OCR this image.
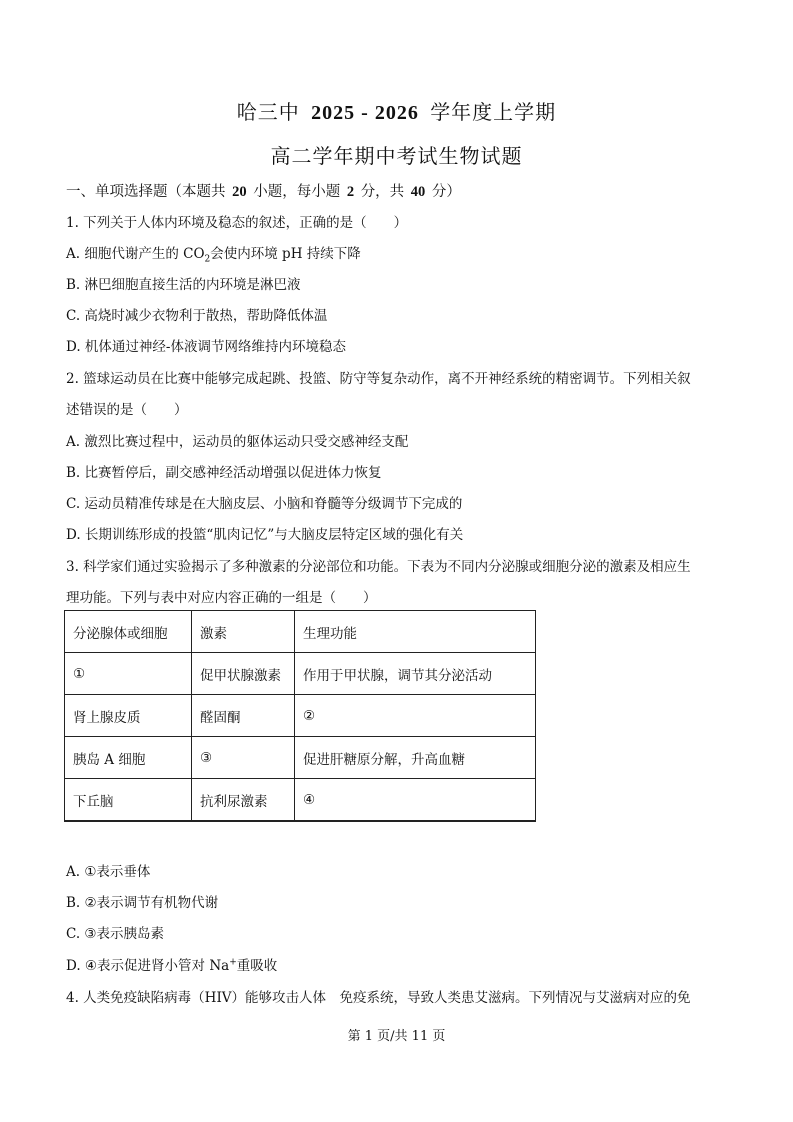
哈三中 2025 - 2026 学年度上学期
高二学年期中考试生物试题
一、单项选择题（本题共 20 小题，每小题 2 分，共 40 分）
1. 下列关于人体内环境及稳态的叙述，正确的是（　　）
A. 细胞代谢产生的 $CO_2$会使内环境 pH 持续下降
B. 淋巴细胞直接生活的内环境是淋巴液
C. 高烧时减少衣物利于散热，帮助降低体温
D. 机体通过神经-体液调节网络维持内环境稳态
2. 篮球运动员在比赛中能够完成起跳、投篮、防守等复杂动作，离不开神经系统的精密调节。下列相关叙
述错误的是（　　）
A. 激烈比赛过程中，运动员的躯体运动只受交感神经支配
B. 比赛暂停后，副交感神经活动增强以促进体力恢复
C. 运动员精准传球是在大脑皮层、小脑和脊髓等分级调节下完成的
D. 长期训练形成的投篮“肌肉记忆”与大脑皮层特定区域的强化有关
3. 科学家们通过实验揭示了多种激素的分泌部位和功能。下表为不同内分泌腺或细胞分泌的激素及相应生
理功能。下列与表中对应内容正确的一组是（　　）
分泌腺体或细胞	激素	生理功能
①	促甲状腺激素	作用于甲状腺，调节其分泌活动
肾上腺皮质	醛固酮	②
胰岛 A 细胞	③	促进肝糖原分解，升高血糖
下丘脑	抗利尿激素	④
A. ①表示垂体
B. ②表示调节有机物代谢
C. ③表示胰岛素
D. ④表示促进肾小管对 Na+重吸收
4. 人类免疫缺陷病毒（HIV）能够攻击人体　免疫系统，导致人类患艾滋病。下列情况与艾滋病对应的免
第 1 页/共 11 页
